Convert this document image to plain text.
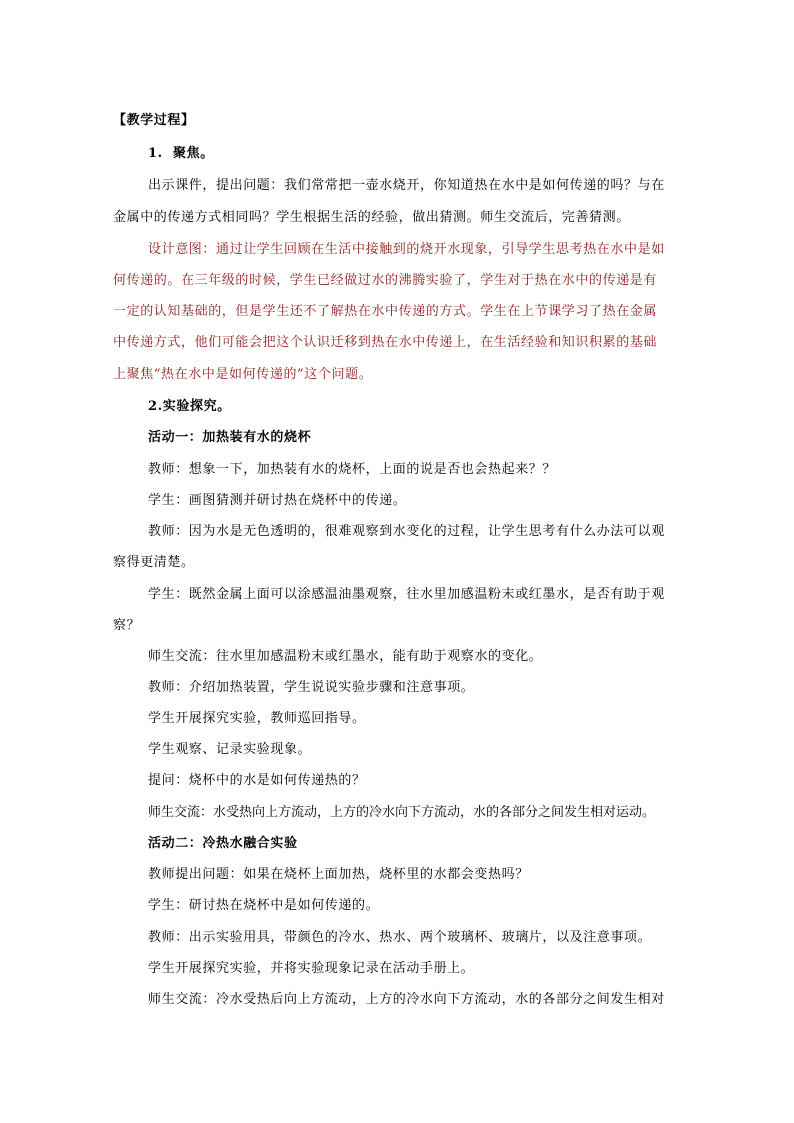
【教学过程】
1. 聚焦。
出示课件，提出问题：我们常常把一壶水烧开，你知道热在水中是如何传递的吗？与在
金属中的传递方式相同吗？学生根据生活的经验，做出猜测。师生交流后，完善猜测。
设计意图：通过让学生回顾在生活中接触到的烧开水现象，引导学生思考热在水中是如
何传递的。在三年级的时候，学生已经做过水的沸腾实验了，学生对于热在水中的传递是有
一定的认知基础的，但是学生还不了解热在水中传递的方式。学生在上节课学习了热在金属
中传递方式，他们可能会把这个认识迁移到热在水中传递上，在生活经验和知识积累的基础
上聚焦“热在水中是如何传递的”这个问题。
2.实验探究。
活动一：加热装有水的烧杯
教师：想象一下，加热装有水的烧杯，上面的说是否也会热起来？？
学生：画图猜测并研讨热在烧杯中的传递。
教师：因为水是无色透明的，很难观察到水变化的过程，让学生思考有什么办法可以观
察得更清楚。
学生：既然金属上面可以涂感温油墨观察，往水里加感温粉末或红墨水，是否有助于观
察？
师生交流：往水里加感温粉末或红墨水，能有助于观察水的变化。
教师：介绍加热装置，学生说说实验步骤和注意事项。
学生开展探究实验，教师巡回指导。
学生观察、记录实验现象。
提问：烧杯中的水是如何传递热的？
师生交流：水受热向上方流动，上方的冷水向下方流动，水的各部分之间发生相对运动。
活动二：冷热水融合实验
教师提出问题：如果在烧杯上面加热，烧杯里的水都会变热吗？
学生：研讨热在烧杯中是如何传递的。
教师：出示实验用具，带颜色的冷水、热水、两个玻璃杯、玻璃片，以及注意事项。
学生开展探究实验，并将实验现象记录在活动手册上。
师生交流：冷水受热后向上方流动，上方的冷水向下方流动，水的各部分之间发生相对
